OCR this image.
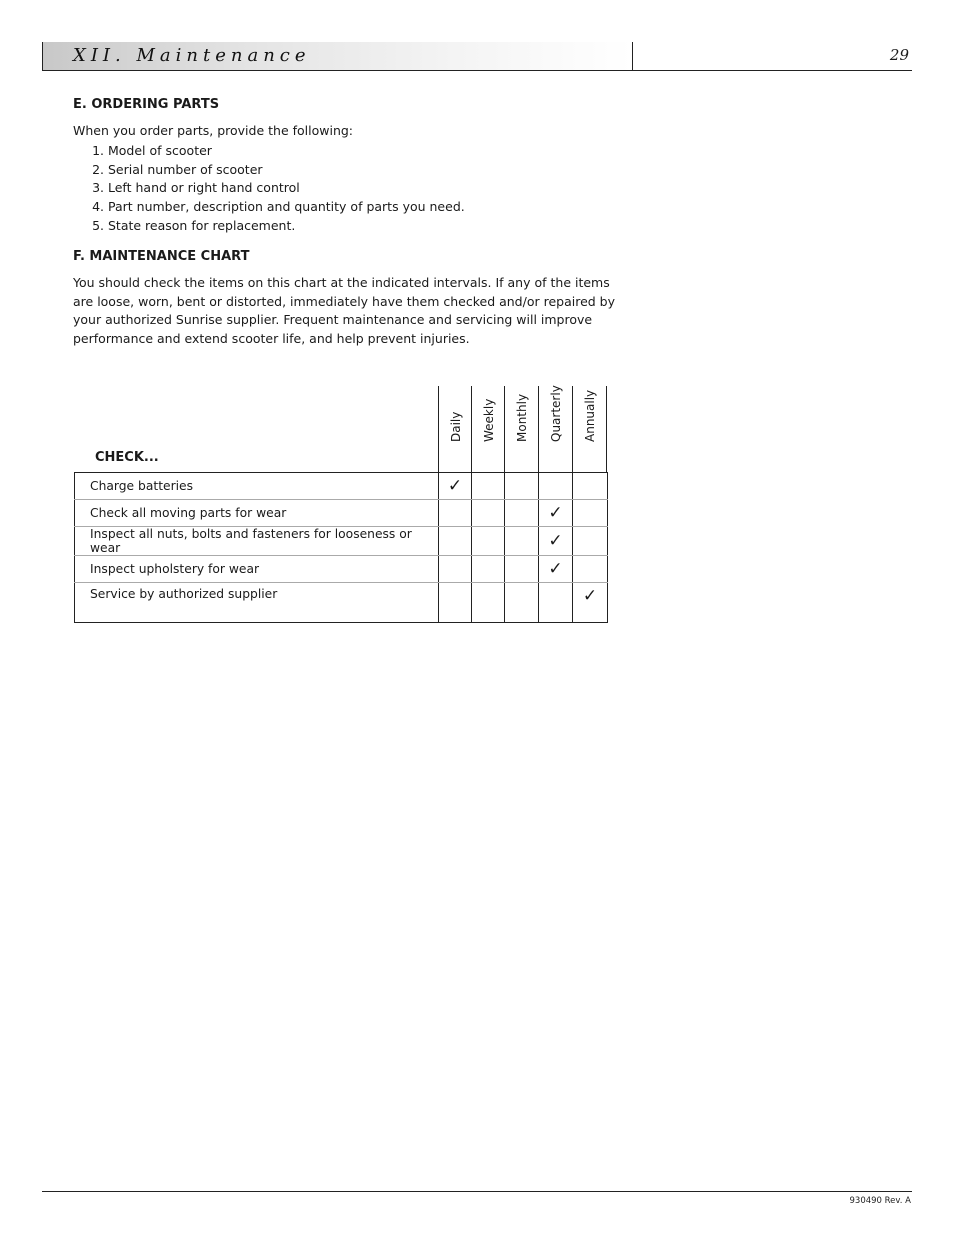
XII. Maintenance	29
E. ORDERING PARTS

When you order parts, provide the following:

1. Model of scooter
2. Serial number of scooter
3. Left hand or right hand control
4. Part number, description and quantity of parts you need.
5. State reason for replacement.
F. MAINTENANCE CHART

You should check the items on this chart at the indicated intervals. If any of the items are loose, worn, bent or distorted, immediately have them checked and/or repaired by your authorized Sunrise supplier. Frequent maintenance and servicing will improve performance and extend scooter life, and help prevent injuries.

CHECK...
Daily Weekly Monthly Quarterly Annually
Charge batteries	✓				
Check all moving parts for wear				✓	
Inspect all nuts, bolts and fasteners for looseness or wear				✓	
Inspect upholstery for wear				✓	
Service by authorized supplier					✓
930490 Rev. A
